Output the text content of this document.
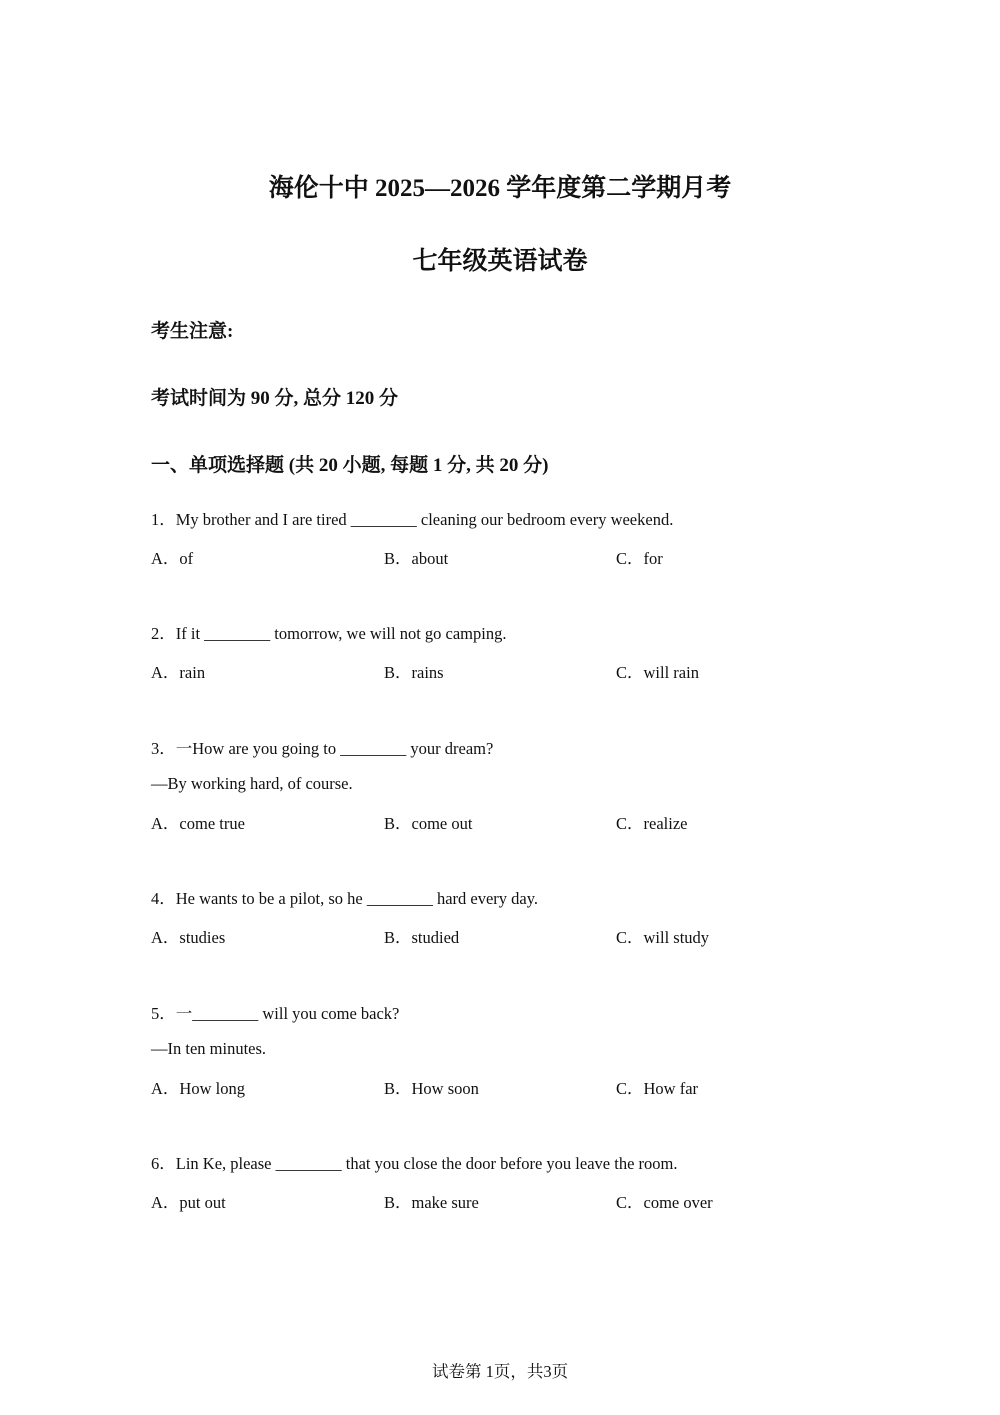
海伦十中 2025—2026 学年度第二学期月考
七年级英语试卷
考生注意:
考试时间为 90 分, 总分 120 分
一、单项选择题 (共 20 小题, 每题 1 分, 共 20 分)
1．My brother and I are tired ________ cleaning our bedroom every weekend.
A．of	B．about	C．for
2．If it ________ tomorrow, we will not go camping.
A．rain	B．rains	C．will rain
3．一How are you going to ________ your dream?
—By working hard, of course.
A．come true	B．come out	C．realize
4．He wants to be a pilot, so he ________ hard every day.
A．studies	B．studied	C．will study
5．一________ will you come back?
—In ten minutes.
A．How long	B．How soon	C．How far
6．Lin Ke, please ________ that you close the door before you leave the room.
A．put out	B．make sure	C．come over
试卷第 1页，共3页
